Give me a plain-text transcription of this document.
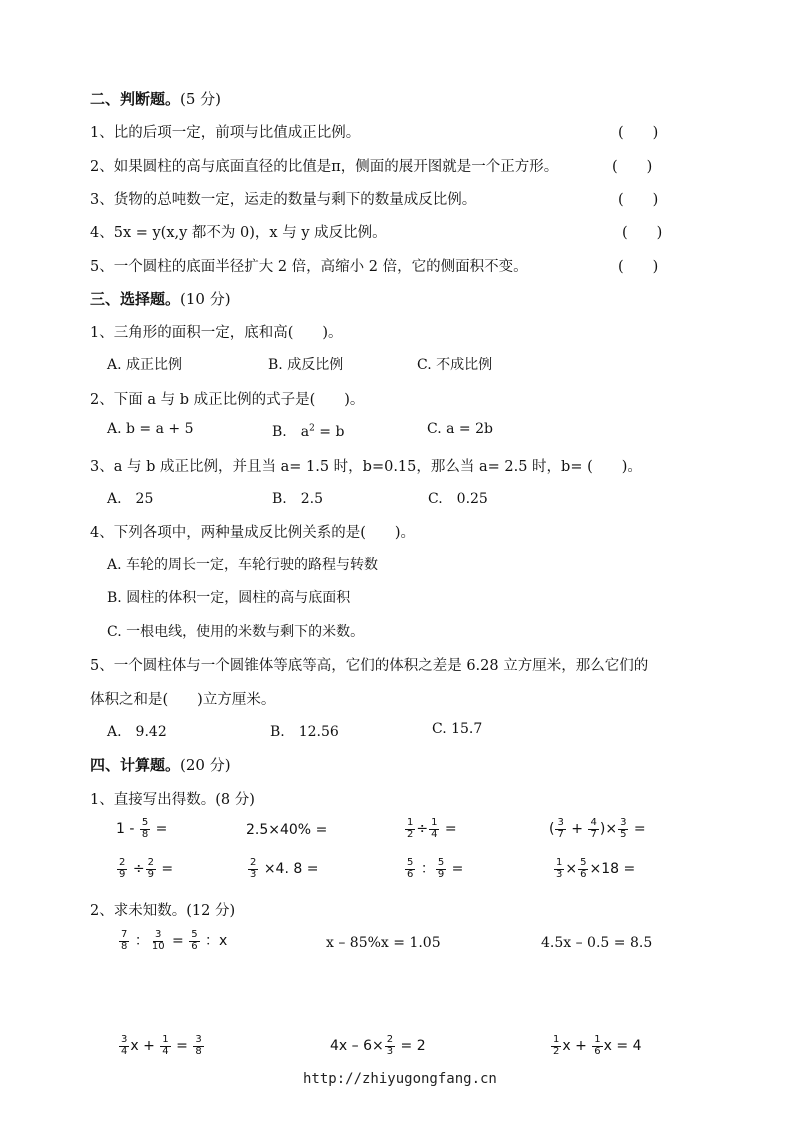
二、判断题。(5 分)
1、比的后项一定，前项与比值成正比例。	(　　)
2、如果圆柱的高与底面直径的比值是π，侧面的展开图就是一个正方形。	(　　)
3、货物的总吨数一定，运走的数量与剩下的数量成反比例。	(　　)
4、5x = y(x,y 都不为 0)，x 与 y 成反比例。	(　　)
5、一个圆柱的底面半径扩大 2 倍，高缩小 2 倍，它的侧面积不变。	(　　)
三、选择题。(10 分)
1、三角形的面积一定，底和高(　　)。
A. 成正比例	B. 成反比例	C. 不成比例
2、下面 a 与 b 成正比例的式子是(　　)。
A. b = a + 5	B.　$a^2 = b$	C. a = 2b
3、a 与 b 成正比例，并且当 a= 1.5 时，b=0.15，那么当 a= 2.5 时，b= (　　)。
A.　25	B.　2.5	C.　0.25
4、下列各项中，两种量成反比例关系的是(　　)。
A. 车轮的周长一定，车轮行驶的路程与转数
B. 圆柱的体积一定，圆柱的高与底面积
C. 一根电线，使用的米数与剩下的米数。
5、一个圆柱体与一个圆锥体等底等高，它们的体积之差是 6.28 立方厘米，那么它们的
体积之和是(　　)立方厘米。
A.　9.42	B.　12.56	C. 15.7
四、计算题。(20 分)
1、直接写出得数。(8 分)
$1 - \frac{5}{8}$ =	2.5×40% =	$\frac{1}{2} \div \frac{1}{4}$ =	( $\frac{3}{7} + \frac{4}{7}$ )× $\frac{3}{5}$ =
$\frac{2}{9} \div \frac{2}{9}$ =	$\frac{2}{3} \times 4$. 8 =	$\frac{5}{6}$ ： $\frac{5}{9}$ =	$\frac{1}{3} \times \frac{5}{6} \times 18$ =
2、求未知数。(12 分)
$\frac{7}{8}$ ： $\frac{3}{10} = \frac{5}{6}$ ：x	x – 85%x = 1.05	4.5x – 0.5 = 8.5
$\frac{3}{4}$ $x + \frac{1}{4} = \frac{3}{8}$	$4x - 6\times \frac{2}{3} = 2$	$\frac{1}{2}$ $x + \frac{1}{6}$ x = 4
http://zhiyugongfang.cn
